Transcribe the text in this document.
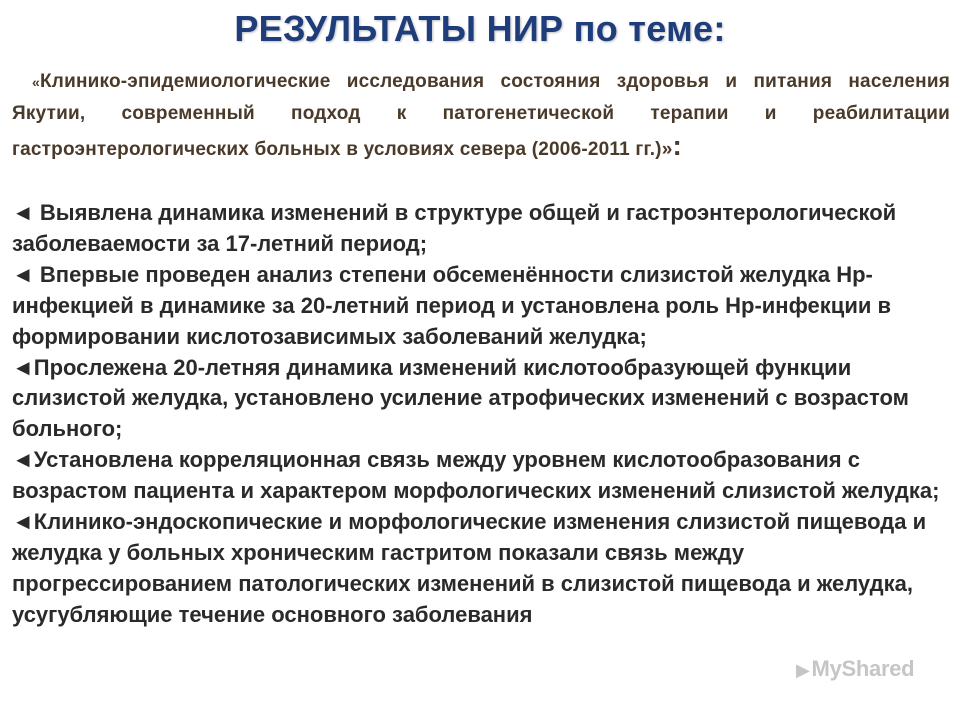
РЕЗУЛЬТАТЫ НИР по теме:
«Клинико-эпидемиологические исследования состояния здоровья и питания населения Якутии, современный подход к патогенетической терапии и реабилитации гастроэнтерологических больных в условиях севера (2006-2011 гг.)»:
◄ Выявлена динамика изменений в структуре общей и гастроэнтерологической заболеваемости за 17-летний период;
◄ Впервые проведен анализ степени обсеменённости слизистой желудка Нр-инфекцией в динамике за 20-летний период и установлена роль Нр-инфекции в формировании кислотозависимых заболеваний желудка;
◄Прослежена 20-летняя динамика изменений кислотообразующей функции слизистой желудка, установлено усиление атрофических изменений с возрастом больного;
◄Установлена корреляционная связь между уровнем кислотообразования с возрастом пациента и характером морфологических изменений слизистой желудка;
◄Клинико-эндоскопические и морфологические изменения слизистой пищевода и желудка у больных хроническим гастритом показали связь между прогрессированием патологических изменений в слизистой пищевода и желудка, усугубляющие течение основного заболевания
▶MyShared
